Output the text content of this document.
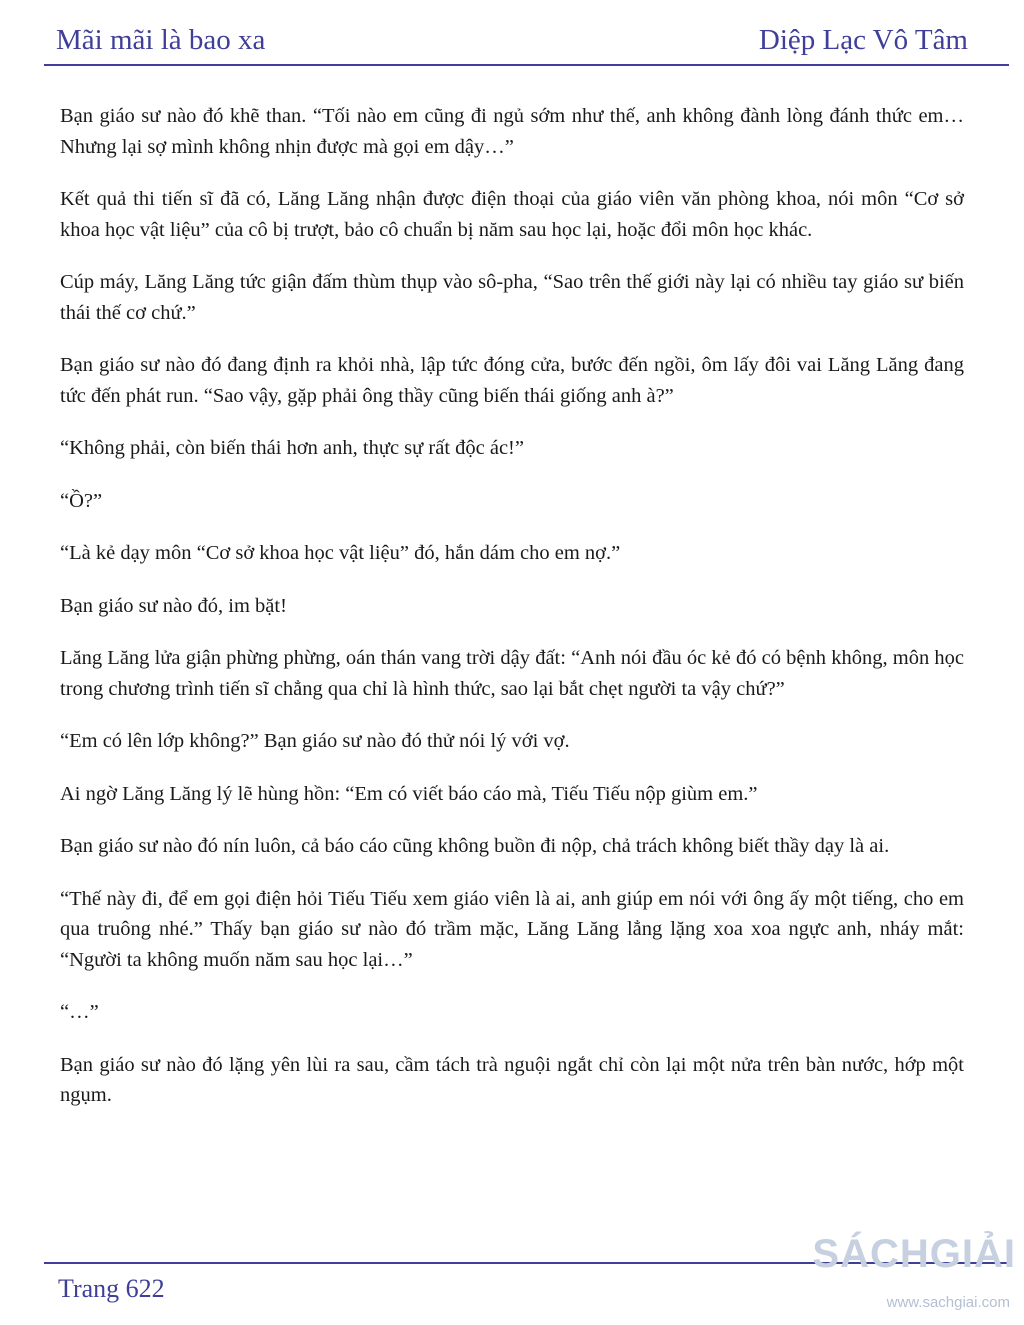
Mãi mãi là bao xa	Diệp Lạc Vô Tâm

Bạn giáo sư nào đó khẽ than. “Tối nào em cũng đi ngủ sớm như thế, anh không đành lòng đánh thức em… Nhưng lại sợ mình không nhịn được mà gọi em dậy…”

Kết quả thi tiến sĩ đã có, Lăng Lăng nhận được điện thoại của giáo viên văn phòng khoa, nói môn “Cơ sở khoa học vật liệu” của cô bị trượt, bảo cô chuẩn bị năm sau học lại, hoặc đổi môn học khác.

Cúp máy, Lăng Lăng tức giận đấm thùm thụp vào sô-pha, “Sao trên thế giới này lại có nhiều tay giáo sư biến thái thế cơ chứ.”

Bạn giáo sư nào đó đang định ra khỏi nhà, lập tức đóng cửa, bước đến ngồi, ôm lấy đôi vai Lăng Lăng đang tức đến phát run. “Sao vậy, gặp phải ông thầy cũng biến thái giống anh à?”

“Không phải, còn biến thái hơn anh, thực sự rất độc ác!”

“Ồ?”

“Là kẻ dạy môn “Cơ sở khoa học vật liệu” đó, hắn dám cho em nợ.”

Bạn giáo sư nào đó, im bặt!

Lăng Lăng lửa giận phừng phừng, oán thán vang trời dậy đất: “Anh nói đầu óc kẻ đó có bệnh không, môn học trong chương trình tiến sĩ chẳng qua chỉ là hình thức, sao lại bắt chẹt người ta vậy chứ?”

“Em có lên lớp không?” Bạn giáo sư nào đó thử nói lý với vợ.

Ai ngờ Lăng Lăng lý lẽ hùng hồn: “Em có viết báo cáo mà, Tiếu Tiếu nộp giùm em.”

Bạn giáo sư nào đó nín luôn, cả báo cáo cũng không buồn đi nộp, chả trách không biết thầy dạy là ai.

“Thế này đi, để em gọi điện hỏi Tiếu Tiếu xem giáo viên là ai, anh giúp em nói với ông ấy một tiếng, cho em qua truông nhé.” Thấy bạn giáo sư nào đó trầm mặc, Lăng Lăng lẳng lặng xoa xoa ngực anh, nháy mắt: “Người ta không muốn năm sau học lại…”

“…”

Bạn giáo sư nào đó lặng yên lùi ra sau, cầm tách trà nguội ngắt chỉ còn lại một nửa trên bàn nước, hớp một ngụm.

Trang 622
SÁCHGIẢI
www.sachgiai.com
